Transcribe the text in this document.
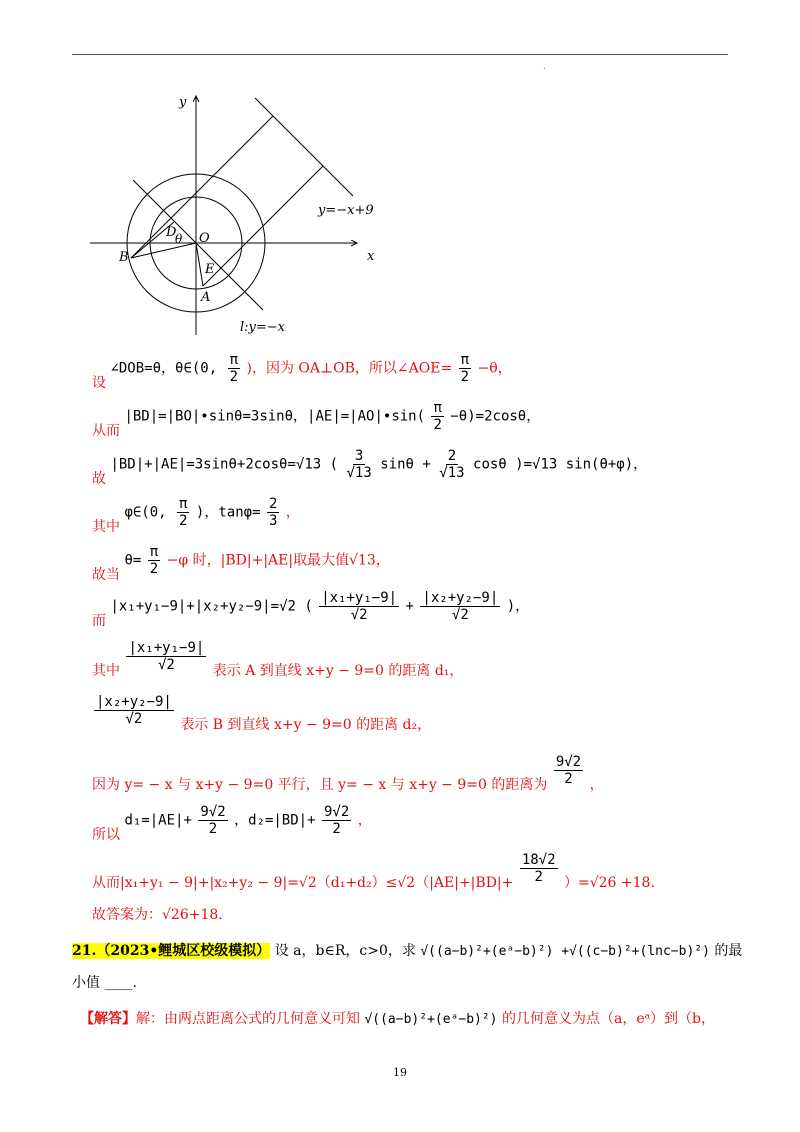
.
y
x
O
D
θ
B
E
A
y=−x+9
l:y=−x
设 ∠DOB=θ，θ∈(0, $\frac{\pi}{2}$ )，因为 OA⊥OB，所以∠AOE= $\frac{\pi}{2} -\theta$，
从而 |BD|=|BO|•sinθ=3sinθ，|AE|=|AO|•sin( $\frac{\pi}{2} -\theta)=2\cos\theta$，
故 |BD|+|AE|=3sinθ+2cosθ=√13 ( $\frac{3}{√13}$ $\sin\theta + \frac{2}{√13}$ cosθ )=√13 sin(θ+φ)，
其中 φ∈(0, $\frac{\pi}{2}$ )，$\tan\varphi= \frac{2}{3}$ ，
故当 $\theta= \frac{\pi}{2} -\varphi$ 时，|BD|+|AE|取最大值√13，
而 |x₁+y₁−9|+|x₂+y₂−9|=√2 ( $\frac{\text{|x₁+y₁−9|}}{√2} + \frac{\text{|x₂+y₂−9|}}{√2}$ )，
其中 $\frac{\text{|x₁+y₁−9|}}{√2}$ 表示 A 到直线 x+y − 9=0 的距离 d₁，
$\frac{\text{|x₂+y₂−9|}}{√2}$ 表示 B 到直线 x+y − 9=0 的距离 d₂，
因为 y= − x 与 x+y − 9=0 平行，且 y= − x 与 x+y − 9=0 的距离为 $\frac{9√2}{2}$ ，
所以 $d_1=|AE|+ \frac{9√2}{2}$ ，$d_2=|BD|+ \frac{9√2}{2}$ ，
从而$|x_1+y_1 - 9|+|x_2+y_2 - 9|=√2(d_1+d_2)\le√2(|AE|+|BD|+ \frac{18√2}{2} )=√26 +18$.
故答案为：√26+18.
21.（2023•鲤城区校级模拟） 设 a，b∈R，c>0，求 √((a−b)²+(eᵃ−b)²) +√((c−b)²+(lnc−b)²) 的最
小值 ____.
【解答】解：由两点距离公式的几何意义可知 √((a−b)²+(eᵃ−b)²) 的几何意义为点（a，eᵃ）到（b，
19
